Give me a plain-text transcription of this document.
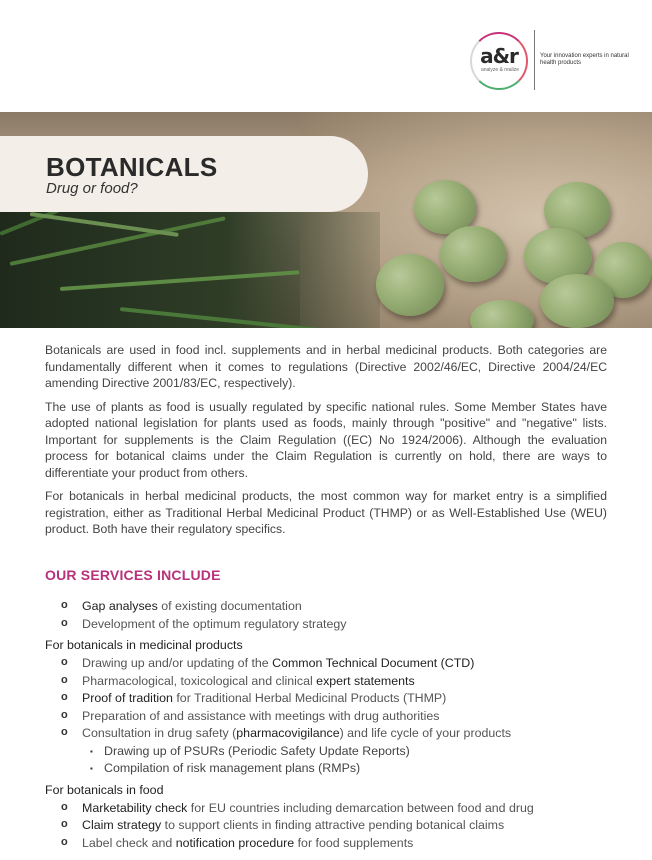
a&r
analyze & realize
Your innovation experts in natural health products
BOTANICALS
Drug or food?

Botanicals are used in food incl. supplements and in herbal medicinal products. Both categories are fundamentally different when it comes to regulations (Directive 2002/46/EC, Directive 2004/24/EC amending Directive 2001/83/EC, respectively).

The use of plants as food is usually regulated by specific national rules. Some Member States have adopted national legislation for plants used as foods, mainly through "positive" and "negative" lists. Important for supplements is the Claim Regulation ((EC) No 1924/2006). Although the evaluation process for botanical claims under the Claim Regulation is currently on hold, there are ways to differentiate your product from others.

For botanicals in herbal medicinal products, the most common way for market entry is a simplified registration, either as Traditional Herbal Medicinal Product (THMP) or as Well-Established Use (WEU) product. Both have their regulatory specifics.

OUR SERVICES INCLUDE
o Gap analyses of existing documentation
o Development of the optimum regulatory strategy
For botanicals in medicinal products
o Drawing up and/or updating of the Common Technical Document (CTD)
o Pharmacological, toxicological and clinical expert statements
o Proof of tradition for Traditional Herbal Medicinal Products (THMP)
o Preparation of and assistance with meetings with drug authorities
o Consultation in drug safety (pharmacovigilance) and life cycle of your products
▪ Drawing up of PSURs (Periodic Safety Update Reports)
▪ Compilation of risk management plans (RMPs)
For botanicals in food
o Marketability check for EU countries including demarcation between food and drug
o Claim strategy to support clients in finding attractive pending botanical claims
o Label check and notification procedure for food supplements
